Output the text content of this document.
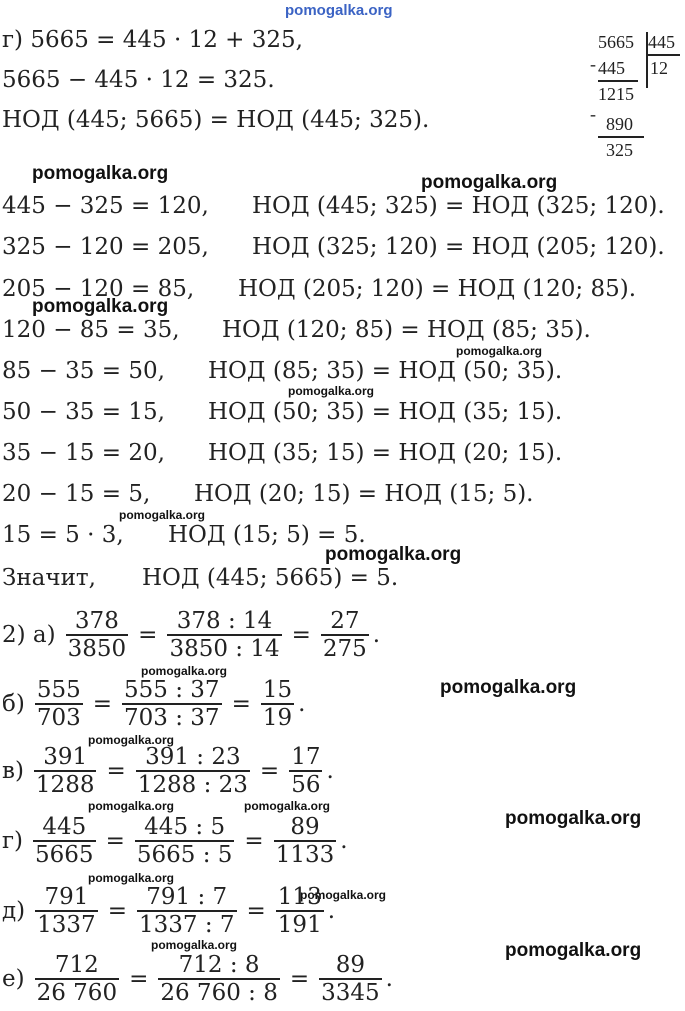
pomogalka.org
pomogalka.org	pomogalka.org
pomogalka.org
pomogalka.org
pomogalka.org
pomogalka.org
pomogalka.org
pomogalka.org
pomogalka.org
pomogalka.org
pomogalka.org	pomogalka.org
pomogalka.org
pomogalka.org
pomogalka.org
pomogalka.org	pomogalka.org
г) 5665 = 445 · 12 + 325,
5665 − 445 · 12 = 325.
НОД (445; 5665) = НОД (445; 325).
5665 445
- 445 12
1215
- 890
325
445 − 325 = 120, НОД (445; 325) = НОД (325; 120).
325 − 120 = 205, НОД (325; 120) = НОД (205; 120).
205 − 120 = 85, НОД (205; 120) = НОД (120; 85).
120 − 85 = 35, НОД (120; 85) = НОД (85; 35).
85 − 35 = 50, НОД (85; 35) = НОД (50; 35).
50 − 35 = 15, НОД (50; 35) = НОД (35; 15).
35 − 15 = 20, НОД (35; 15) = НОД (20; 15).
20 − 15 = 5, НОД (20; 15) = НОД (15; 5).
15 = 5 · 3, НОД (15; 5) = 5.
Значит, НОД (445; 5665) = 5.
2) $а) \frac{378}{3850} = \frac{378 : 14}{3850 : 14} = \frac{27}{275}$ .
$б) \frac{555}{703} = \frac{555 : 37}{703 : 37} = \frac{15}{19}$ .
$в) \frac{391}{1288} = \frac{391 : 23}{1288 : 23} = \frac{17}{56}$ .
$г) \frac{445}{5665} = \frac{445 : 5}{5665 : 5} = \frac{89}{1133}$ .
$д) \frac{791}{1337} = \frac{791 : 7}{1337 : 7} = \frac{113}{191}$ .
$е) \frac{712}{26 760} = \frac{712 : 8}{26 760 : 8} = \frac{89}{3345}$ .
